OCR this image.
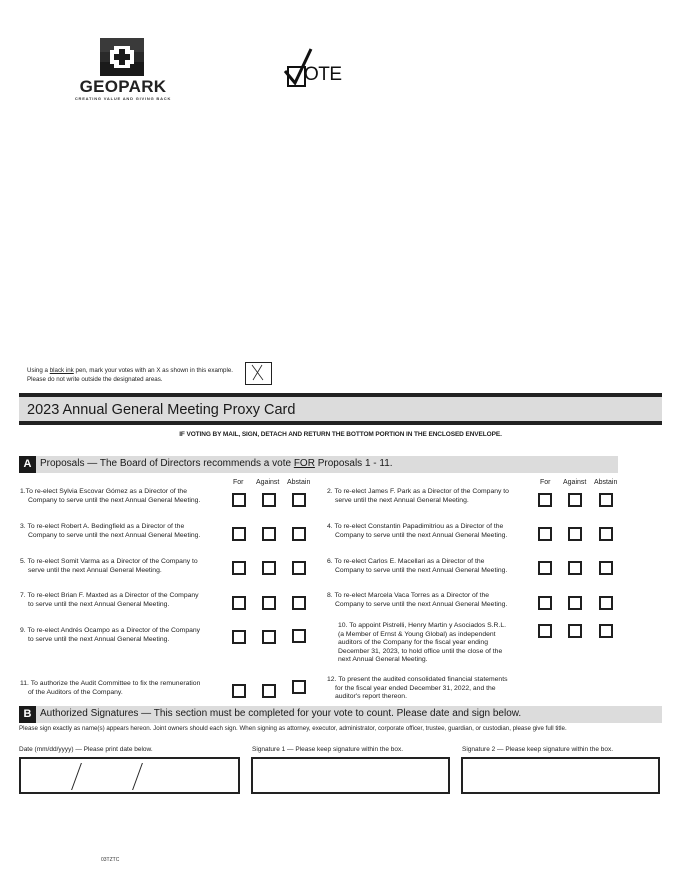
GEOPARK
CREATING VALUE AND GIVING BACK
OTE
Using a black ink pen, mark your votes with an X as shown in this example.
Please do not write outside the designated areas.
2023 Annual General Meeting Proxy Card
IF VOTING BY MAIL, SIGN, DETACH AND RETURN THE BOTTOM PORTION IN THE ENCLOSED ENVELOPE.
A Proposals — The Board of Directors recommends a vote FOR Proposals 1 - 11.
For Against Abstain	For Against Abstain
1.To re-elect Sylvia Escovar Gómez as a Director of the
Company to serve until the next Annual General Meeting.
3. To re-elect Robert A. Bedingfield as a Director of the
Company to serve until the next Annual General Meeting.
5. To re-elect Somit Varma as a Director of the Company to
serve until the next Annual General Meeting.
7. To re-elect Brian F. Maxted as a Director of the Company
to serve until the next Annual General Meeting.
9. To re-elect Andrés Ocampo as a Director of the Company
to serve until the next Annual General Meeting.
11. To authorize the Audit Committee to fix the remuneration
of the Auditors of the Company.
2. To re-elect James F. Park as a Director of the Company to
serve until the next Annual General Meeting.
4. To re-elect Constantin Papadimitriou as a Director of the
Company to serve until the next Annual General Meeting.
6. To re-elect Carlos E. Macellari as a Director of the
Company to serve until the next Annual General Meeting.
8. To re-elect Marcela Vaca Torres as a Director of the
Company to serve until the next Annual General Meeting.
10. To appoint Pistrelli, Henry Martin y Asociados S.R.L.
(a Member of Ernst & Young Global) as independent
auditors of the Company for the fiscal year ending
December 31, 2023, to hold office until the close of the
next Annual General Meeting.
12. To present the audited consolidated financial statements
for the fiscal year ended December 31, 2022, and the
auditor's report thereon.
B Authorized Signatures — This section must be completed for your vote to count. Please date and sign below.
Please sign exactly as name(s) appears hereon. Joint owners should each sign. When signing as attorney, executor, administrator, corporate officer, trustee, guardian, or custodian, please give full title.
Date (mm/dd/yyyy) — Please print date below.	Signature 1 — Please keep signature within the box.	Signature 2 — Please keep signature within the box.
03TZTC
